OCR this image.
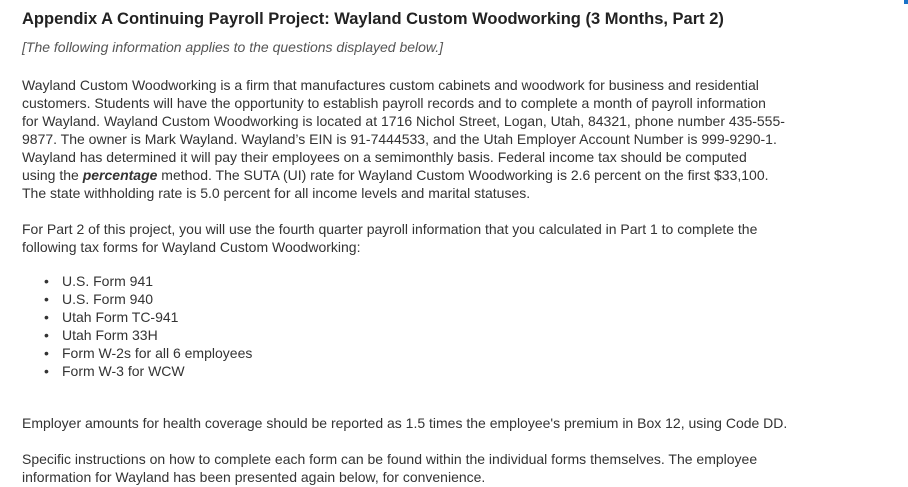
Appendix A Continuing Payroll Project: Wayland Custom Woodworking (3 Months, Part 2)
[The following information applies to the questions displayed below.]
Wayland Custom Woodworking is a firm that manufactures custom cabinets and woodwork for business and residential
customers. Students will have the opportunity to establish payroll records and to complete a month of payroll information
for Wayland. Wayland Custom Woodworking is located at 1716 Nichol Street, Logan, Utah, 84321, phone number 435-555-
9877. The owner is Mark Wayland. Wayland’s EIN is 91-7444533, and the Utah Employer Account Number is 999-9290-1.
Wayland has determined it will pay their employees on a semimonthly basis. Federal income tax should be computed
using the percentage method. The SUTA (UI) rate for Wayland Custom Woodworking is 2.6 percent on the first $33,100.
The state withholding rate is 5.0 percent for all income levels and marital statuses.
For Part 2 of this project, you will use the fourth quarter payroll information that you calculated in Part 1 to complete the
following tax forms for Wayland Custom Woodworking:
• U.S. Form 941
• U.S. Form 940
• Utah Form TC-941
• Utah Form 33H
• Form W-2s for all 6 employees
• Form W-3 for WCW
Employer amounts for health coverage should be reported as 1.5 times the employee's premium in Box 12, using Code DD.
Specific instructions on how to complete each form can be found within the individual forms themselves. The employee
information for Wayland has been presented again below, for convenience.
